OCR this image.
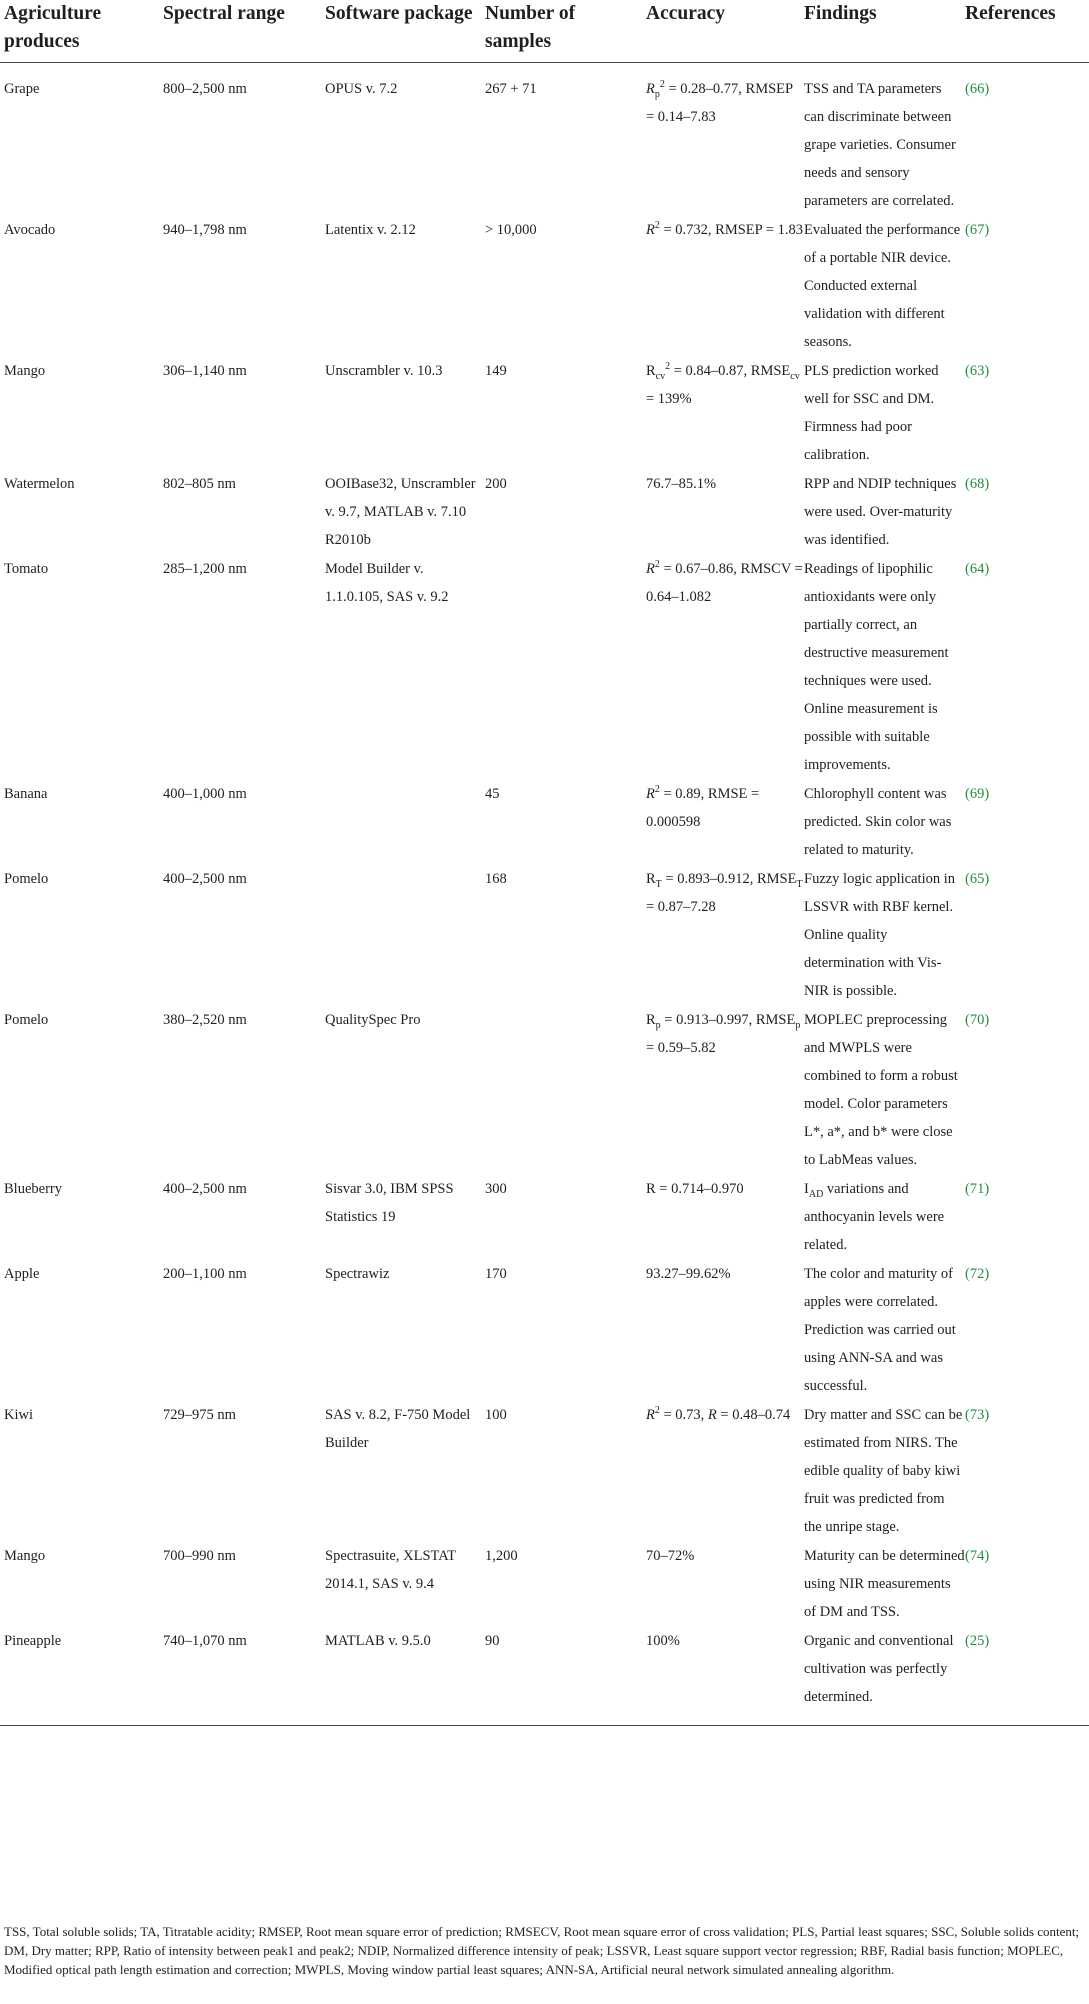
Agriculture produces	Spectral range	Software package	Number of samples	Accuracy	Findings	References
Grape	800–2,500 nm	OPUS v. 7.2	267 + 71	$R_p^2 = 0.28-0.77$, RMSEP = 0.14–7.83	TSS and TA parameters can discriminate between grape varieties. Consumer needs and sensory parameters are correlated.	(66)
Avocado	940–1,798 nm	Latentix v. 2.12	> 10,000	$R^2 = 0.732$, RMSEP = 1.83	Evaluated the performance of a portable NIR device. Conducted external validation with different seasons.	(67)
Mango	306–1,140 nm	Unscrambler v. 10.3	149	$R_{cv}^2 = 0.84-0.87$, $RMSE_{cv} = 139\%$	PLS prediction worked well for SSC and DM. Firmness had poor calibration.	(63)
Watermelon	802–805 nm	OOIBase32, Unscrambler v. 9.7, MATLAB v. 7.10 R2010b	200	76.7–85.1%	RPP and NDIP techniques were used. Over-maturity was identified.	(68)
Tomato	285–1,200 nm	Model Builder v. 1.1.0.105, SAS v. 9.2		$R^2 = 0.67-0.86$, RMSCV = 0.64–1.082	Readings of lipophilic antioxidants were only partially correct, an destructive measurement techniques were used. Online measurement is possible with suitable improvements.	(64)
Banana	400–1,000 nm		45	$R^2 = 0.89$, RMSE = 0.000598	Chlorophyll content was predicted. Skin color was related to maturity.	(69)
Pomelo	400–2,500 nm		168	$R_T = 0.893-0.912$, $RMSE_T = 0.87-7.28$	Fuzzy logic application in LSSVR with RBF kernel. Online quality determination with Vis-NIR is possible.	(65)
Pomelo	380–2,520 nm	QualitySpec Pro		$R_p = 0.913-0.997$, $RMSE_p = 0.59-5.82$	MOPLEC preprocessing and MWPLS were combined to form a robust model. Color parameters L*, a*, and b* were close to LabMeas values.	(70)
Blueberry	400–2,500 nm	Sisvar 3.0, IBM SPSS Statistics 19	300	R = 0.714–0.970	$I_{AD}$ variations and anthocyanin levels were related.	(71)
Apple	200–1,100 nm	Spectrawiz	170	93.27–99.62%	The color and maturity of apples were correlated. Prediction was carried out using ANN-SA and was successful.	(72)
Kiwi	729–975 nm	SAS v. 8.2, F-750 Model Builder	100	$R^2 = 0.73$, R = 0.48–0.74	Dry matter and SSC can be estimated from NIRS. The edible quality of baby kiwi fruit was predicted from the unripe stage.	(73)
Mango	700–990 nm	Spectrasuite, XLSTAT 2014.1, SAS v. 9.4	1,200	70–72%	Maturity can be determined using NIR measurements of DM and TSS.	(74)
Pineapple	740–1,070 nm	MATLAB v. 9.5.0	90	100%	Organic and conventional cultivation was perfectly determined.	(25)
TSS, Total soluble solids; TA, Titratable acidity; RMSEP, Root mean square error of prediction; RMSECV, Root mean square error of cross validation; PLS, Partial least squares; SSC, Soluble solids content; DM, Dry matter; RPP, Ratio of intensity between peak1 and peak2; NDIP, Normalized difference intensity of peak; LSSVR, Least square support vector regression; RBF, Radial basis function; MOPLEC, Modified optical path length estimation and correction; MWPLS, Moving window partial least squares; ANN-SA, Artificial neural network simulated annealing algorithm.
